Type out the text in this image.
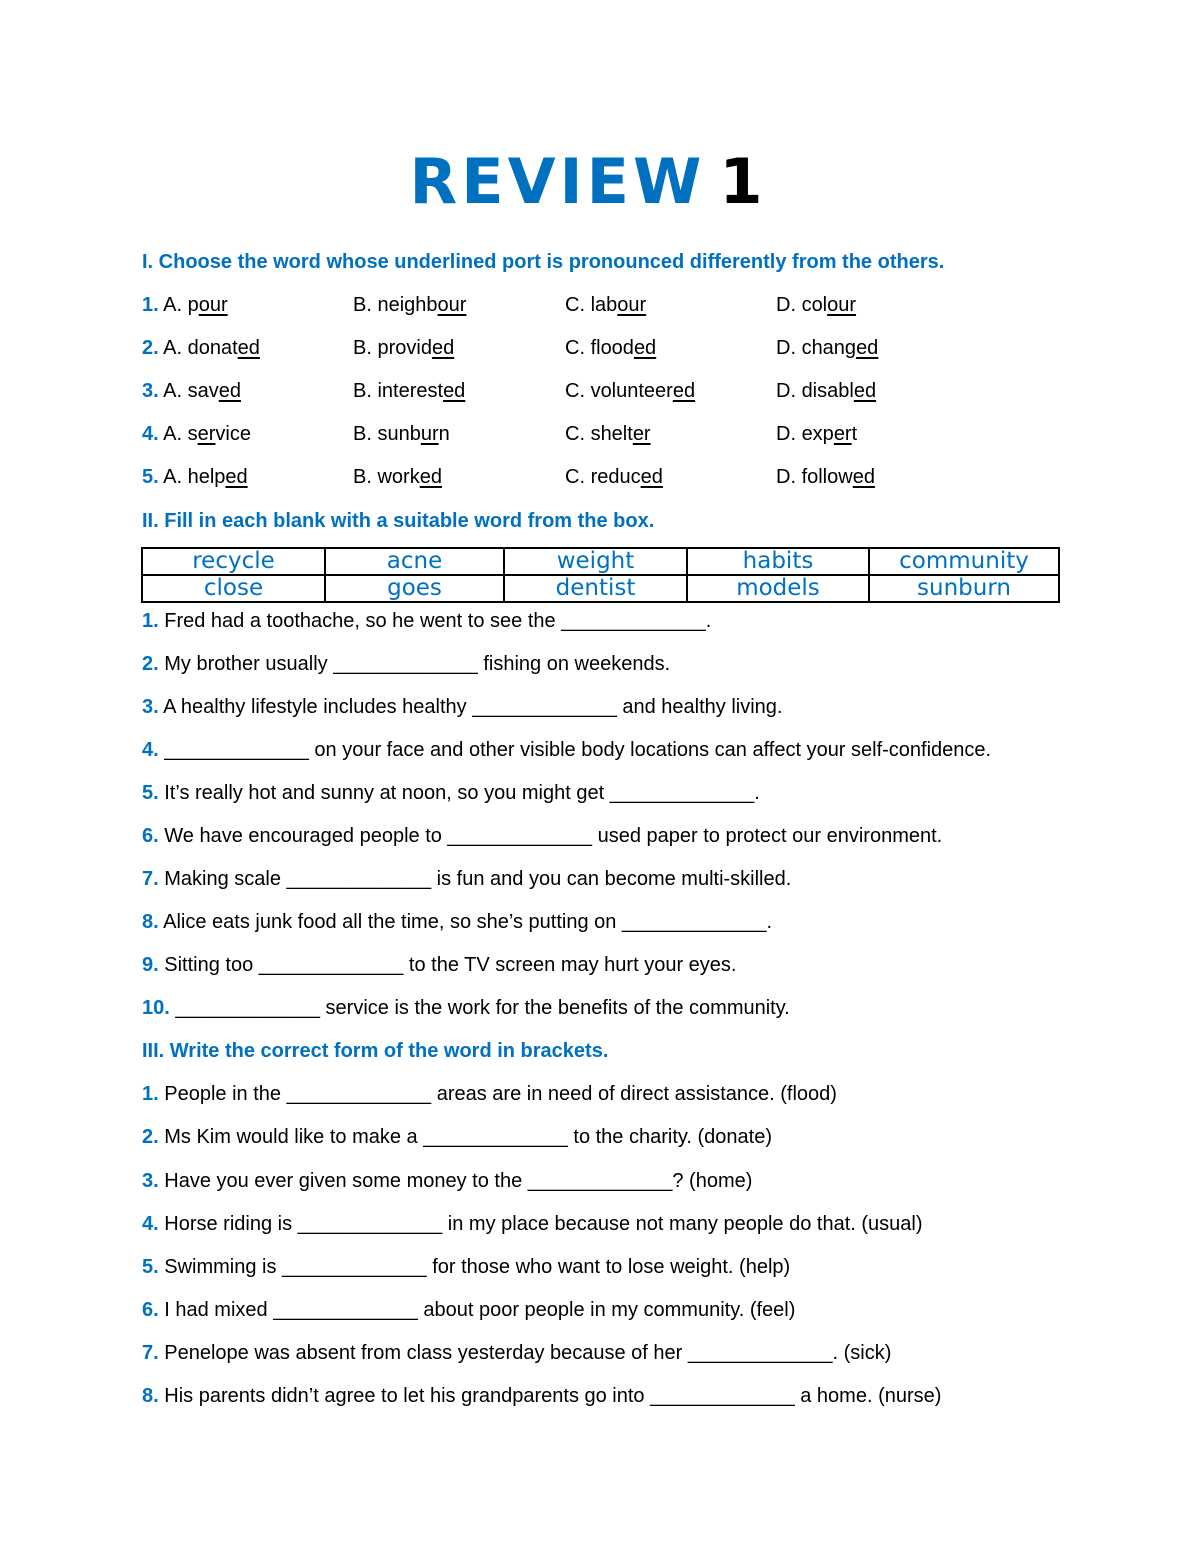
REVIEW 1
I. Choose the word whose underlined port is pronounced differently from the others.
1. A. pour	B. neighbour	C. labour	D. colour
2. A. donated	B. provided	C. flooded	D. changed
3. A. saved	B. interested	C. volunteered	D. disabled
4. A. service	B. sunburn	C. shelter	D. expert
5. A. helped	B. worked	C. reduced	D. followed
II. Fill in each blank with a suitable word from the box.
recycle	acne	weight	habits	community
close	goes	dentist	models	sunburn
1. Fred had a toothache, so he went to see the _____________.
2. My brother usually _____________ fishing on weekends.
3. A healthy lifestyle includes healthy _____________ and healthy living.
4. _____________ on your face and other visible body locations can affect your self-confidence.
5. It’s really hot and sunny at noon, so you might get _____________.
6. We have encouraged people to _____________ used paper to protect our environment.
7. Making scale _____________ is fun and you can become multi-skilled.
8. Alice eats junk food all the time, so she’s putting on _____________.
9. Sitting too _____________ to the TV screen may hurt your eyes.
10. _____________ service is the work for the benefits of the community.
III. Write the correct form of the word in brackets.
1. People in the _____________ areas are in need of direct assistance. (flood)
2. Ms Kim would like to make a _____________ to the charity. (donate)
3. Have you ever given some money to the _____________? (home)
4. Horse riding is _____________ in my place because not many people do that. (usual)
5. Swimming is _____________ for those who want to lose weight. (help)
6. I had mixed _____________ about poor people in my community. (feel)
7. Penelope was absent from class yesterday because of her _____________. (sick)
8. His parents didn’t agree to let his grandparents go into _____________ a home. (nurse)
